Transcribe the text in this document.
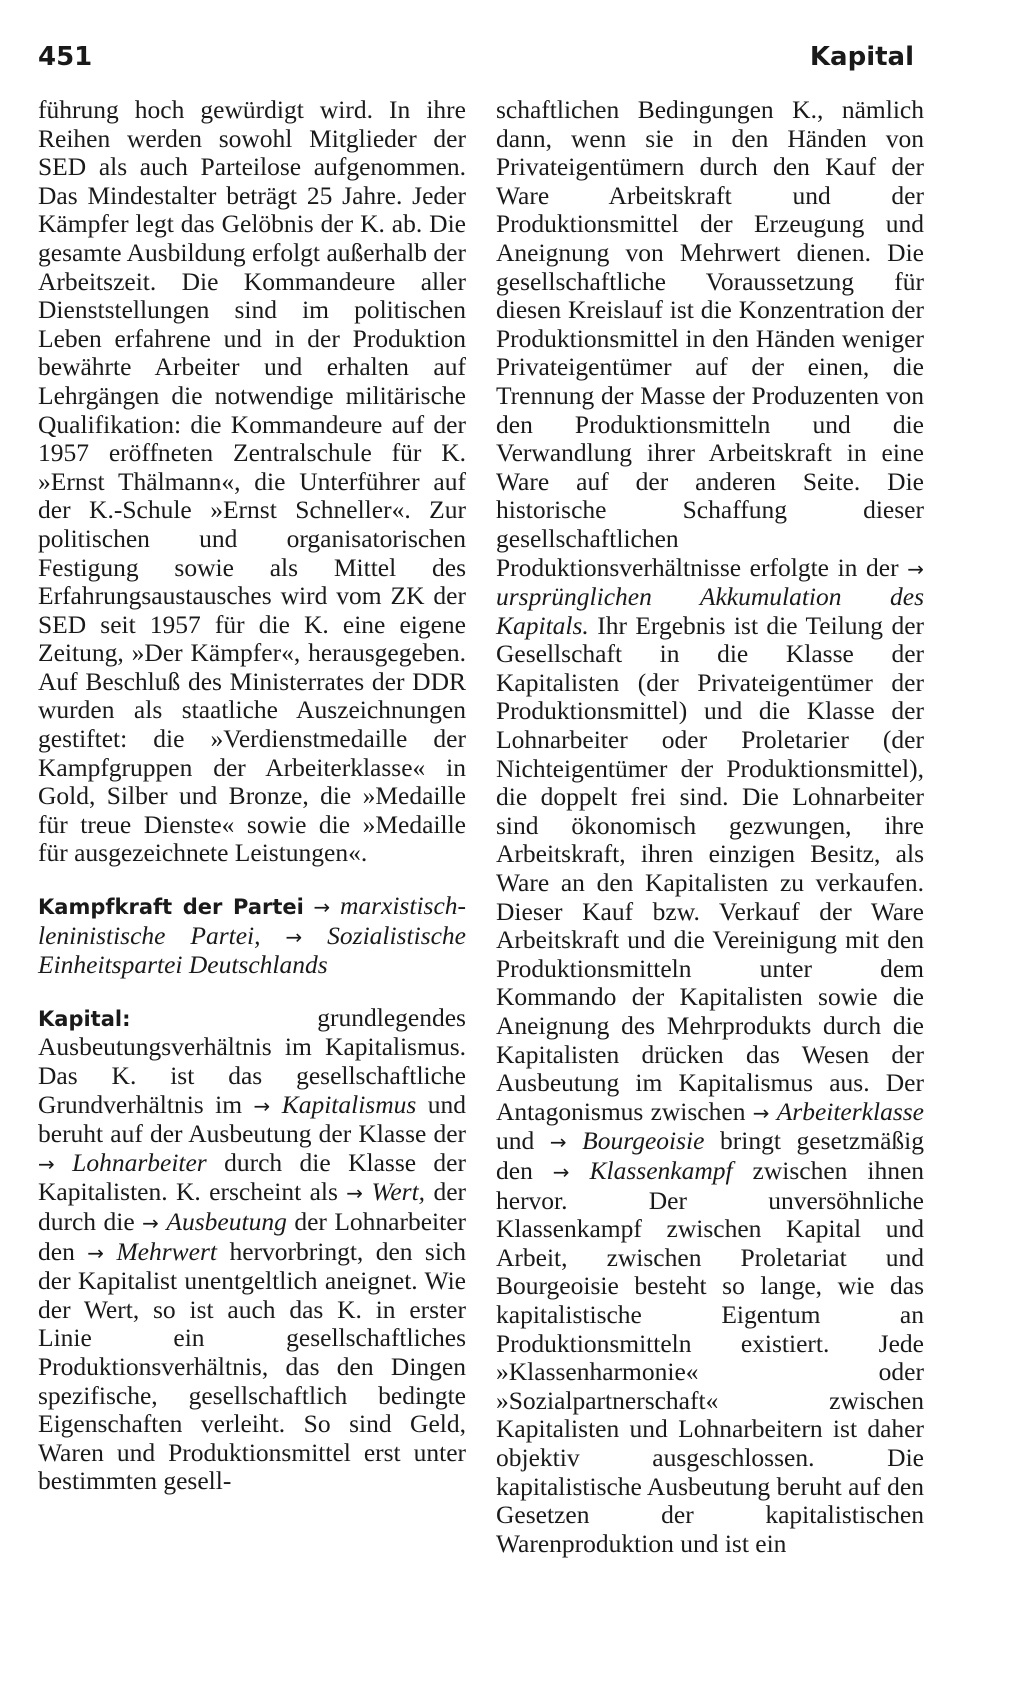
451	Kapital

führung hoch gewürdigt wird. In ihre Reihen werden sowohl Mitglieder der SED als auch Parteilose aufgenommen. Das Mindestalter beträgt 25 Jahre. Jeder Kämpfer legt das Gelöbnis der K. ab. Die gesamte Ausbildung erfolgt außerhalb der Arbeitszeit. Die Kommandeure aller Dienststellungen sind im politischen Leben erfahrene und in der Produktion bewährte Arbeiter und erhalten auf Lehrgängen die notwendige militärische Qualifikation: die Kommandeure auf der 1957 eröffneten Zentralschule für K. »Ernst Thälmann«, die Unterführer auf der K.-Schule »Ernst Schneller«. Zur politischen und organisatorischen Festigung sowie als Mittel des Erfahrungsaustausches wird vom ZK der SED seit 1957 für die K. eine eigene Zeitung, »Der Kämpfer«, herausgegeben. Auf Beschluß des Ministerrates der DDR wurden als staatliche Auszeichnungen gestiftet: die »Verdienstmedaille der Kampfgruppen der Arbeiterklasse« in Gold, Silber und Bronze, die »Medaille für treue Dienste« sowie die »Medaille für ausgezeichnete Leistungen«.

Kampfkraft der Partei → marxistisch-leninistische Partei, → Sozialistische Einheitspartei Deutschlands

Kapital:	grundlegendes Ausbeutungsverhältnis im Kapitalismus. Das K. ist das gesellschaftliche Grundverhältnis im → Kapitalismus und beruht auf der Ausbeutung der Klasse der → Lohnarbeiter durch die Klasse der Kapitalisten. K. erscheint als → Wert, der durch die → Ausbeutung der Lohnarbeiter den → Mehrwert hervorbringt, den sich der Kapitalist unentgeltlich aneignet. Wie der Wert, so ist auch das K. in erster Linie ein gesellschaftliches Produktionsverhältnis, das den Dingen spezifische, gesellschaftlich bedingte Eigenschaften verleiht. So sind Geld, Waren und Produktionsmittel erst unter bestimmten gesell-

schaftlichen Bedingungen K., nämlich dann, wenn sie in den Händen von Privateigentümern durch den Kauf der Ware Arbeitskraft und der Produktionsmittel der Erzeugung und Aneignung von Mehrwert dienen. Die gesellschaftliche Voraussetzung für diesen Kreislauf ist die Konzentration der Produktionsmittel in den Händen weniger Privateigentümer auf der einen, die Trennung der Masse der Produzenten von den Produktionsmitteln und die Verwandlung ihrer Arbeitskraft in eine Ware auf der anderen Seite. Die historische Schaffung dieser gesellschaftlichen Produktionsverhältnisse erfolgte in der → ursprünglichen Akkumulation des Kapitals. Ihr Ergebnis ist die Teilung der Gesellschaft in die Klasse der Kapitalisten (der Privateigentümer der Produktionsmittel) und die Klasse der Lohnarbeiter oder Proletarier (der Nichteigentümer der Produktionsmittel), die doppelt frei sind. Die Lohnarbeiter sind ökonomisch gezwungen, ihre Arbeitskraft, ihren einzigen Besitz, als Ware an den Kapitalisten zu verkaufen. Dieser Kauf bzw. Verkauf der Ware Arbeitskraft und die Vereinigung mit den Produktionsmitteln unter dem Kommando der Kapitalisten sowie die Aneignung des Mehrprodukts durch die Kapitalisten drücken das Wesen der Ausbeutung im Kapitalismus aus. Der Antagonismus zwischen → Arbeiterklasse und → Bourgeoisie bringt gesetzmäßig den → Klassenkampf zwischen ihnen hervor. Der unversöhnliche Klassenkampf zwischen Kapital und Arbeit, zwischen Proletariat und Bourgeoisie besteht so lange, wie das kapitalistische Eigentum an Produktionsmitteln existiert. Jede »Klassenharmonie« oder »Sozialpartnerschaft« zwischen Kapitalisten und Lohnarbeitern ist daher objektiv ausgeschlossen. Die kapitalistische Ausbeutung beruht auf den Gesetzen der kapitalistischen Warenproduktion und ist ein
